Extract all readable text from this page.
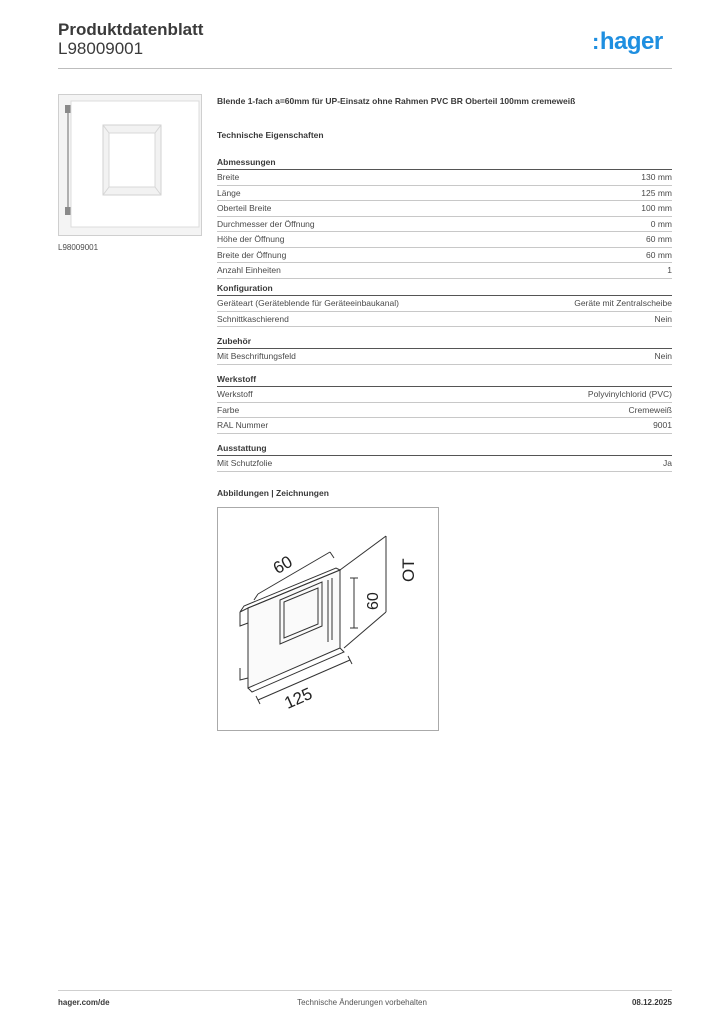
Produktdatenblatt
L98009001	:hager
L98009001
Blende 1-fach a=60mm für UP-Einsatz ohne Rahmen PVC BR Oberteil 100mm cremeweiß
Technische Eigenschaften
Abmessungen
Breite	130 mm
Länge	125 mm
Oberteil Breite	100 mm
Durchmesser der Öffnung	0 mm
Höhe der Öffnung	60 mm
Breite der Öffnung	60 mm
Anzahl Einheiten	1
Konfiguration
Geräteart (Geräteblende für Geräteeinbaukanal)	Geräte mit Zentralscheibe
Schnittkaschierend	Nein
Zubehör
Mit Beschriftungsfeld	Nein
Werkstoff
Werkstoff	Polyvinylchlorid (PVC)
Farbe	Cremeweiß
RAL Nummer	9001
Ausstattung
Mit Schutzfolie	Ja
Abbildungen | Zeichnungen
60
60
OT
125
hager.com/de	Technische Änderungen vorbehalten	08.12.2025
